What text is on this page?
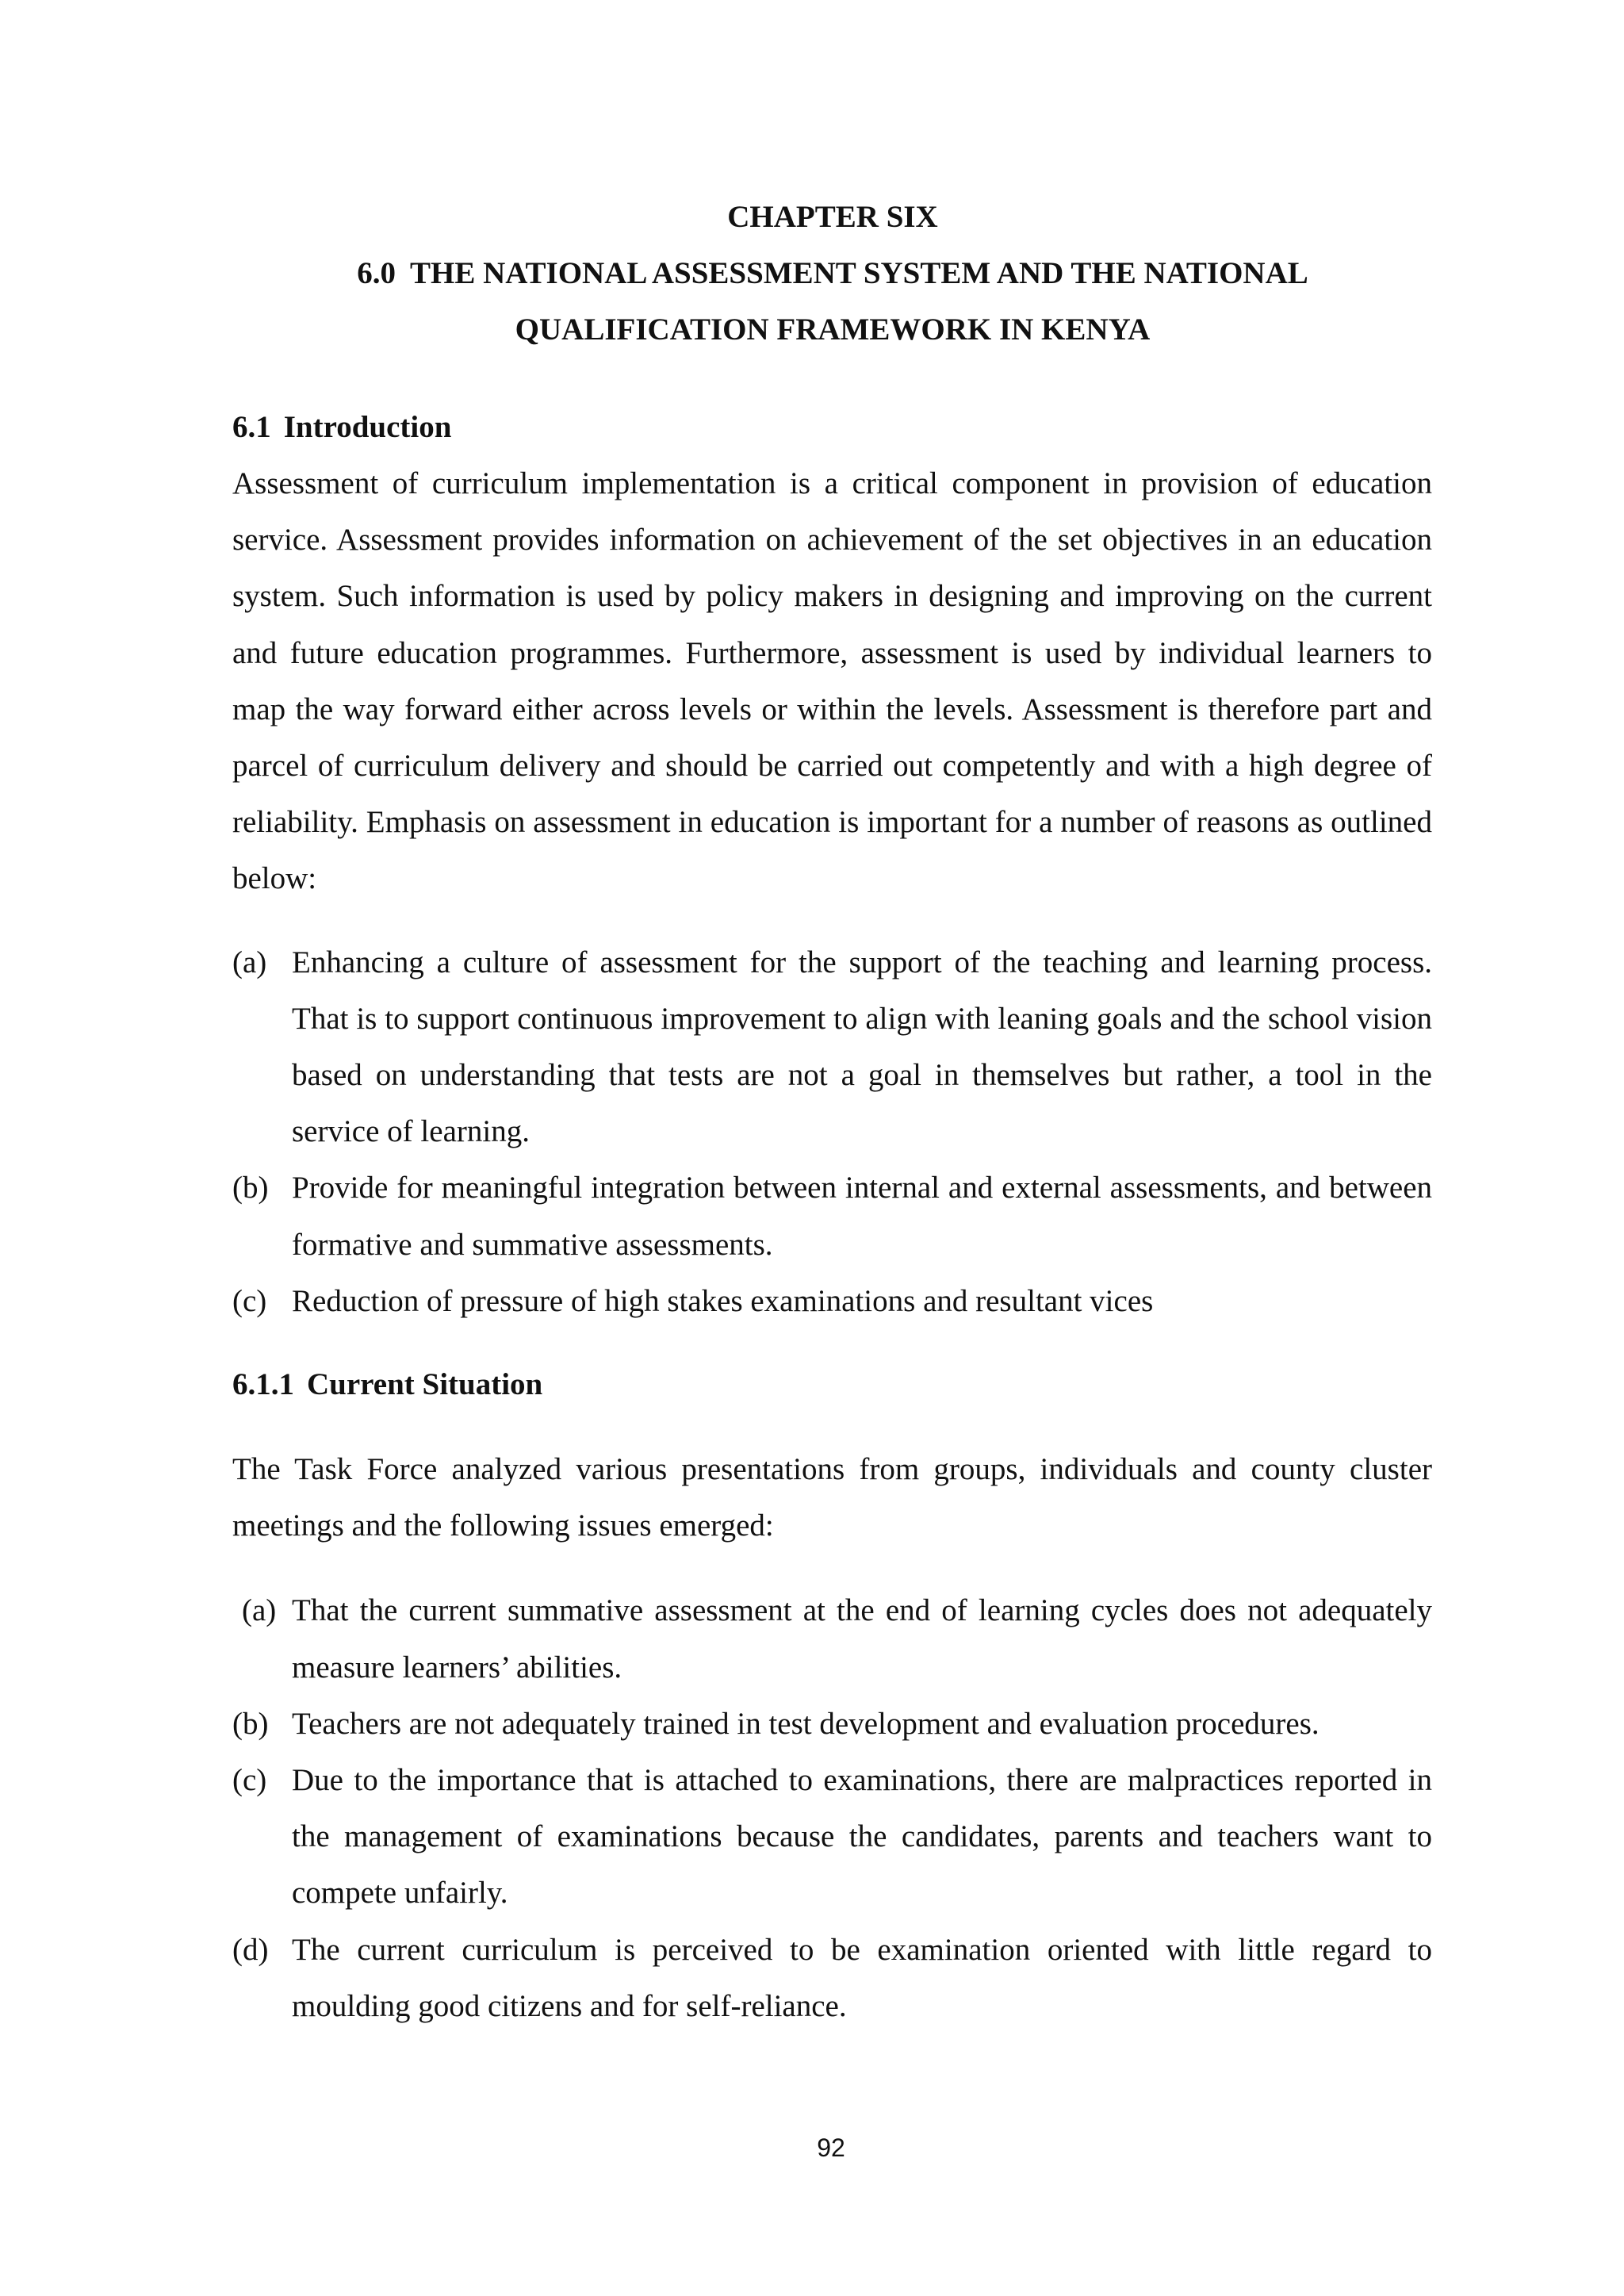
CHAPTER SIX
6.0 THE NATIONAL ASSESSMENT SYSTEM AND THE NATIONAL
QUALIFICATION FRAMEWORK IN KENYA
6.1 Introduction

Assessment of curriculum implementation is a critical component in provision of education service. Assessment provides information on achievement of the set objectives in an education system. Such information is used by policy makers in designing and improving on the current and future education programmes. Furthermore, assessment is used by individual learners to map the way forward either across levels or within the levels. Assessment is therefore part and parcel of curriculum delivery and should be carried out competently and with a high degree of reliability. Emphasis on assessment in education is important for a number of reasons as outlined below:

(a) Enhancing a culture of assessment for the support of the teaching and learning process. That is to support continuous improvement to align with leaning goals and the school vision based on understanding that tests are not a goal in themselves but rather, a tool in the service of learning.
(b) Provide for meaningful integration between internal and external assessments, and between formative and summative assessments.
(c) Reduction of pressure of high stakes examinations and resultant vices
6.1.1 Current Situation

The Task Force analyzed various presentations from groups, individuals and county cluster meetings and the following issues emerged:

(a) That the current summative assessment at the end of learning cycles does not adequately measure learners’ abilities.
(b) Teachers are not adequately trained in test development and evaluation procedures.
(c) Due to the importance that is attached to examinations, there are malpractices reported in the management of examinations because the candidates, parents and teachers want to compete unfairly.
(d) The current curriculum is perceived to be examination oriented with little regard to moulding good citizens and for self-reliance.
92
